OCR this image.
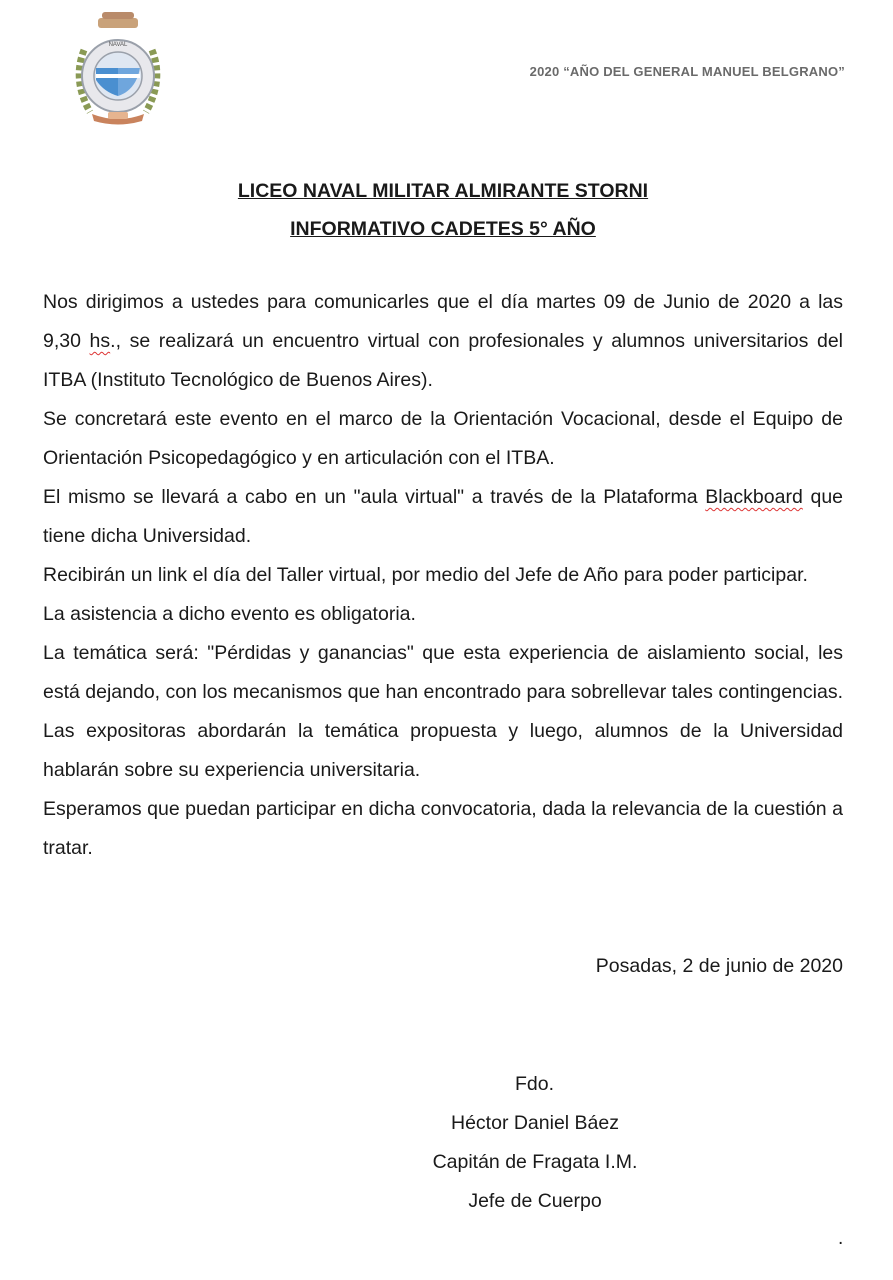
NAVAL
2020 “AÑO DEL GENERAL MANUEL BELGRANO”
LICEO NAVAL MILITAR ALMIRANTE STORNI
INFORMATIVO CADETES 5° AÑO

Nos dirigimos a ustedes para comunicarles que el día martes 09 de Junio de 2020 a las 9,30 hs., se realizará un encuentro virtual con profesionales y alumnos universitarios del ITBA (Instituto Tecnológico de Buenos Aires).

Se concretará este evento en el marco de la Orientación Vocacional, desde el Equipo de Orientación Psicopedagógico y en articulación con el ITBA.

El mismo se llevará a cabo en un "aula virtual" a través de la Plataforma Blackboard que tiene dicha Universidad.

Recibirán un link el día del Taller virtual, por medio del Jefe de Año para poder participar.

La asistencia a dicho evento es obligatoria.

La temática será: "Pérdidas y ganancias" que esta experiencia de aislamiento social, les está dejando, con los mecanismos que han encontrado para sobrellevar tales contingencias.

Las expositoras abordarán la temática propuesta y luego, alumnos de la Universidad hablarán sobre su experiencia universitaria.

Esperamos que puedan participar en dicha convocatoria, dada la relevancia de la cuestión a tratar.

Posadas, 2 de junio de 2020
Fdo.
Héctor Daniel Báez
Capitán de Fragata I.M.
Jefe de Cuerpo
.
